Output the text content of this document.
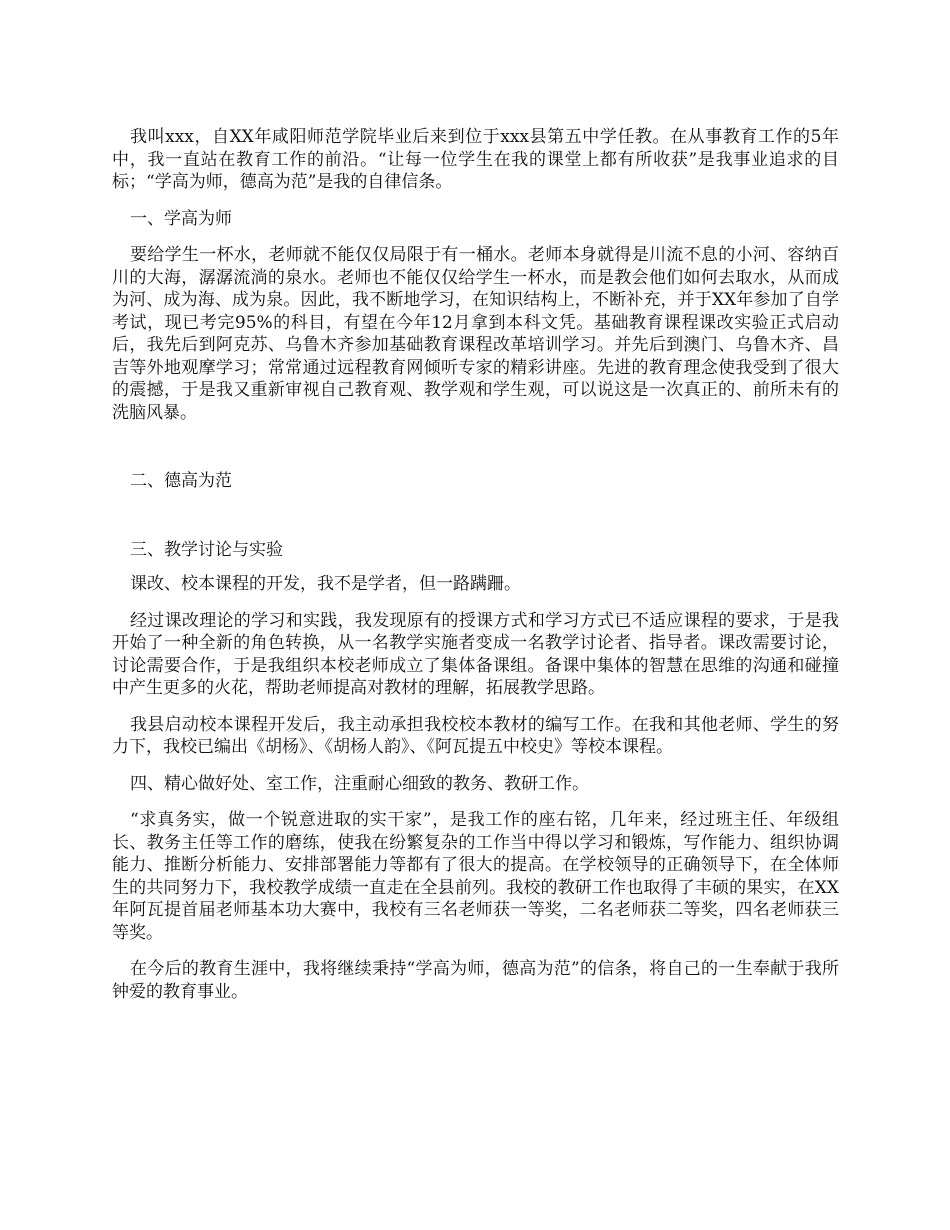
我叫xxx，自XX年咸阳师范学院毕业后来到位于xxx县第五中学任教。在从事教育工作的5年中，我一直站在教育工作的前沿。“让每一位学生在我的课堂上都有所收获”是我事业追求的目标；“学高为师，德高为范”是我的自律信条。

一、学高为师

要给学生一杯水，老师就不能仅仅局限于有一桶水。老师本身就得是川流不息的小河、容纳百川的大海，潺潺流淌的泉水。老师也不能仅仅给学生一杯水，而是教会他们如何去取水，从而成为河、成为海、成为泉。因此，我不断地学习，在知识结构上，不断补充，并于XX年参加了自学考试，现已考完95%的科目，有望在今年12月拿到本科文凭。基础教育课程课改实验正式启动后，我先后到阿克苏、乌鲁木齐参加基础教育课程改革培训学习。并先后到澳门、乌鲁木齐、昌吉等外地观摩学习；常常通过远程教育网倾听专家的精彩讲座。先进的教育理念使我受到了很大的震撼，于是我又重新审视自己教育观、教学观和学生观，可以说这是一次真正的、前所未有的洗脑风暴。

二、德高为范

三、教学讨论与实验

课改、校本课程的开发，我不是学者，但一路蹒跚。

经过课改理论的学习和实践，我发现原有的授课方式和学习方式已不适应课程的要求，于是我开始了一种全新的角色转换，从一名教学实施者变成一名教学讨论者、指导者。课改需要讨论，讨论需要合作，于是我组织本校老师成立了集体备课组。备课中集体的智慧在思维的沟通和碰撞中产生更多的火花，帮助老师提高对教材的理解，拓展教学思路。

我县启动校本课程开发后，我主动承担我校校本教材的编写工作。在我和其他老师、学生的努力下，我校已编出《胡杨》、《胡杨人韵》、《阿瓦提五中校史》等校本课程。

四、精心做好处、室工作，注重耐心细致的教务、教研工作。

“求真务实，做一个锐意进取的实干家”，是我工作的座右铭，几年来，经过班主任、年级组长、教务主任等工作的磨练，使我在纷繁复杂的工作当中得以学习和锻炼，写作能力、组织协调能力、推断分析能力、安排部署能力等都有了很大的提高。在学校领导的正确领导下，在全体师生的共同努力下，我校教学成绩一直走在全县前列。我校的教研工作也取得了丰硕的果实，在XX年阿瓦提首届老师基本功大赛中，我校有三名老师获一等奖，二名老师获二等奖，四名老师获三等奖。

在今后的教育生涯中，我将继续秉持“学高为师，德高为范”的信条，将自己的一生奉献于我所钟爱的教育事业。
